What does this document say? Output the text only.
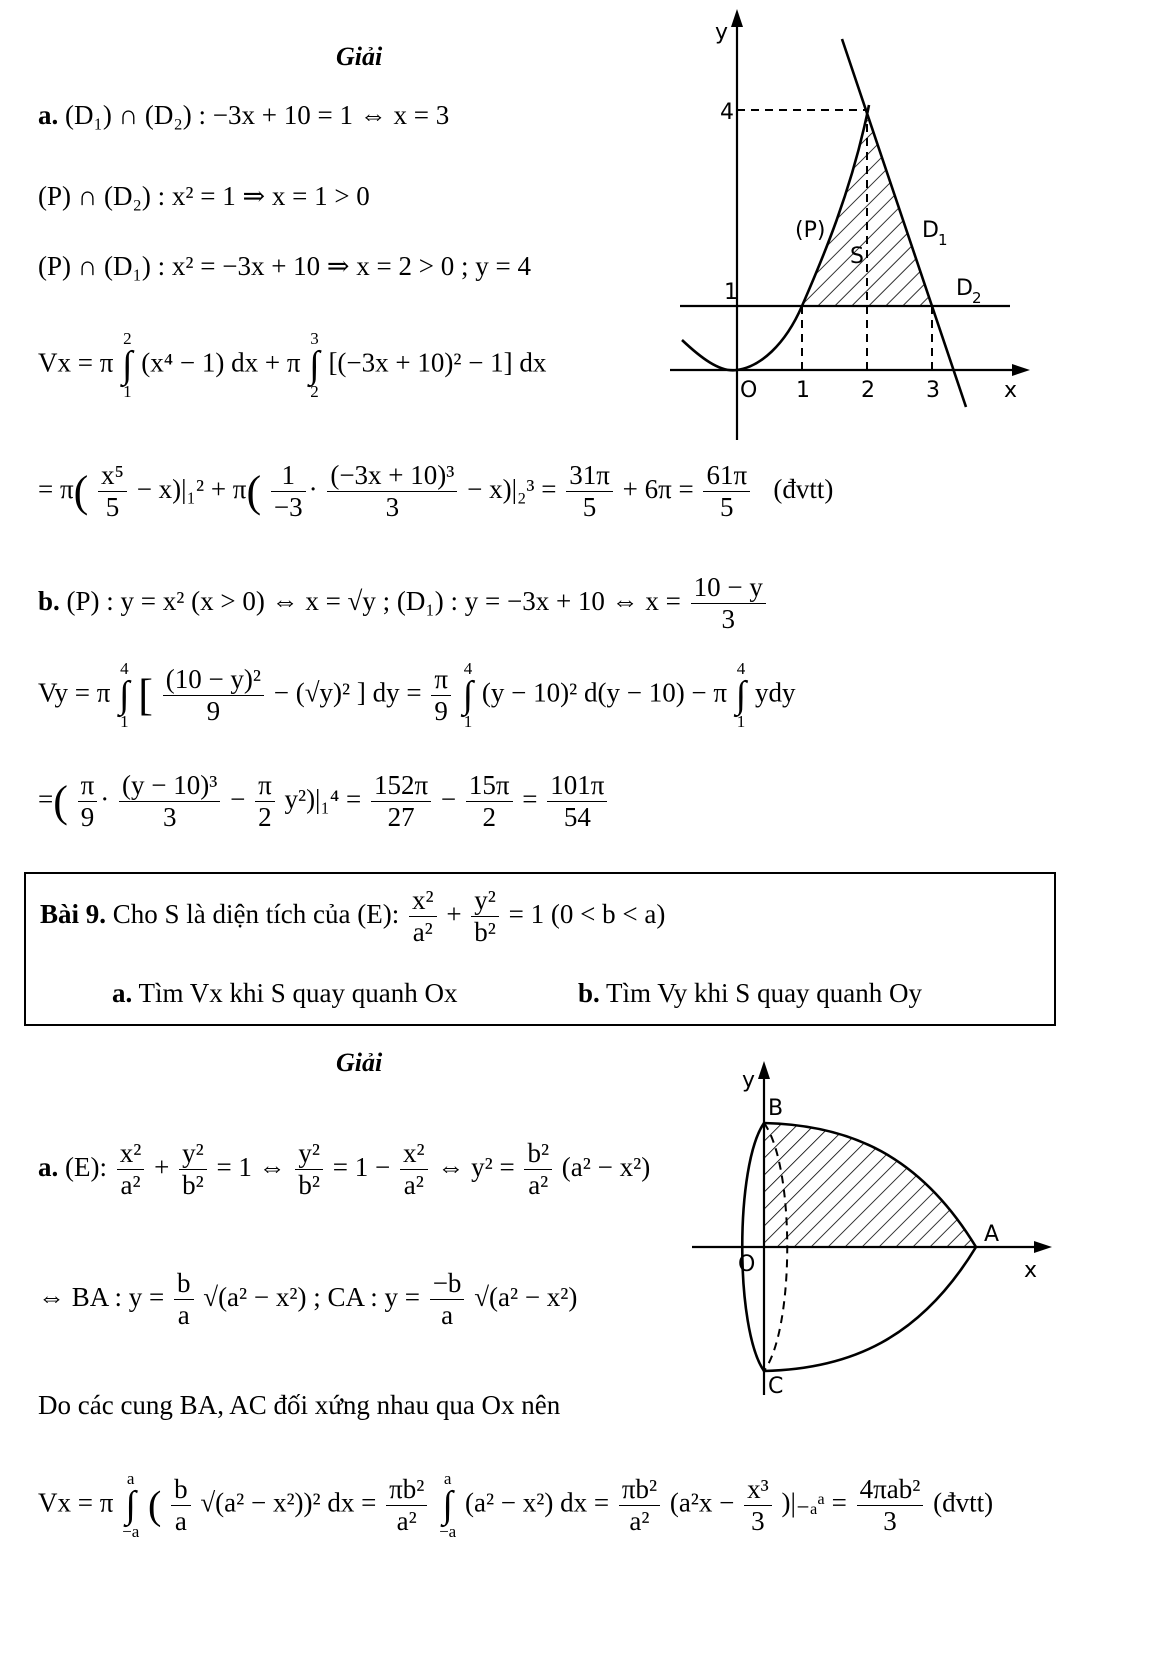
Giải
a. (D₁) ∩ (D₂) : −3x + 10 = 1 ⇔ x = 3
(P) ∩ (D₂) : x² = 1 ⇒ x = 1 > 0
(P) ∩ (D₁) : x² = −3x + 10 ⇒ x = 2 > 0 ; y = 4
Vx = π
2
∫
1
(x⁴ − 1) dx + π
3
∫
2
[(−3x + 10)² − 1] dx
= $\pi( \frac{\text{x⁵}}{5} - x)|_1^2 + \pi( \frac{1}{-3} \cdot \frac{\text{(−3x + 10)³}}{3} - x)|_2^3 = \frac{31\pi}{5} + 6\pi = \frac{61\pi}{5}$ (đvtt)
b. (P) : y = x² (x > 0) ⇔ x = √y ; (D₁) : y = −3x + 10 ⇔ $x = \frac{10 - y}{3}$
Vy = π
4
∫
1
[ $\frac{\text{(10 − y)²}}{9} - (√y)^2$ ] dy = $\frac{\pi}{9}$
4
∫
1
(y − 10)² d(y − 10) − π
4
∫
1
ydy
=( $\frac{\pi}{9} \cdot \frac{\text{(y − 10)³}}{3} - \frac{\pi}{2} y^2)|_1^4 = \frac{152\pi}{27} - \frac{15\pi}{2} = \frac{101\pi}{54}$
y
x
O 1 2 3
1
4
(P)
S
D 1
D 2
Bài 9. Cho S là diện tích của (E): $\frac{\text{x²}}{\text{a²}} + \frac{\text{y²}}{\text{b²}} = 1$ (0 < b < a)
a. Tìm Vx khi S quay quanh Ox	b. Tìm Vy khi S quay quanh Oy
Giải
a. (E): $\frac{\text{x²}}{\text{a²}} + \frac{\text{y²}}{\text{b²}} = 1$ ⇔ $\frac{\text{y²}}{\text{b²}} = 1 - \frac{\text{x²}}{\text{a²}}$ ⇔ $y^2 = \frac{\text{b²}}{\text{a²}} (a^2 - x^2)$
⇔ BA : $y = \frac{b}{a} √(a^2 - x^2)$ ; CA : $y = \frac{-b}{a} √(a^2 - x^2)$
Do các cung BA, AC đối xứng nhau qua Ox nên
Vx = π
a
∫
−a
( $\frac{b}{a} √(a^2 - x^2))^2$ dx = $\frac{\text{πb²}}{\text{a²}}$
a
∫
−a
(a² − x²) dx = $\frac{\text{πb²}}{\text{a²}} (a^2x - \frac{\text{x³}}{3}$ )|₋ₐᵃ = $\frac{\text{4πab²}}{3}$ (đvtt)
y
x
O
A
B
C
